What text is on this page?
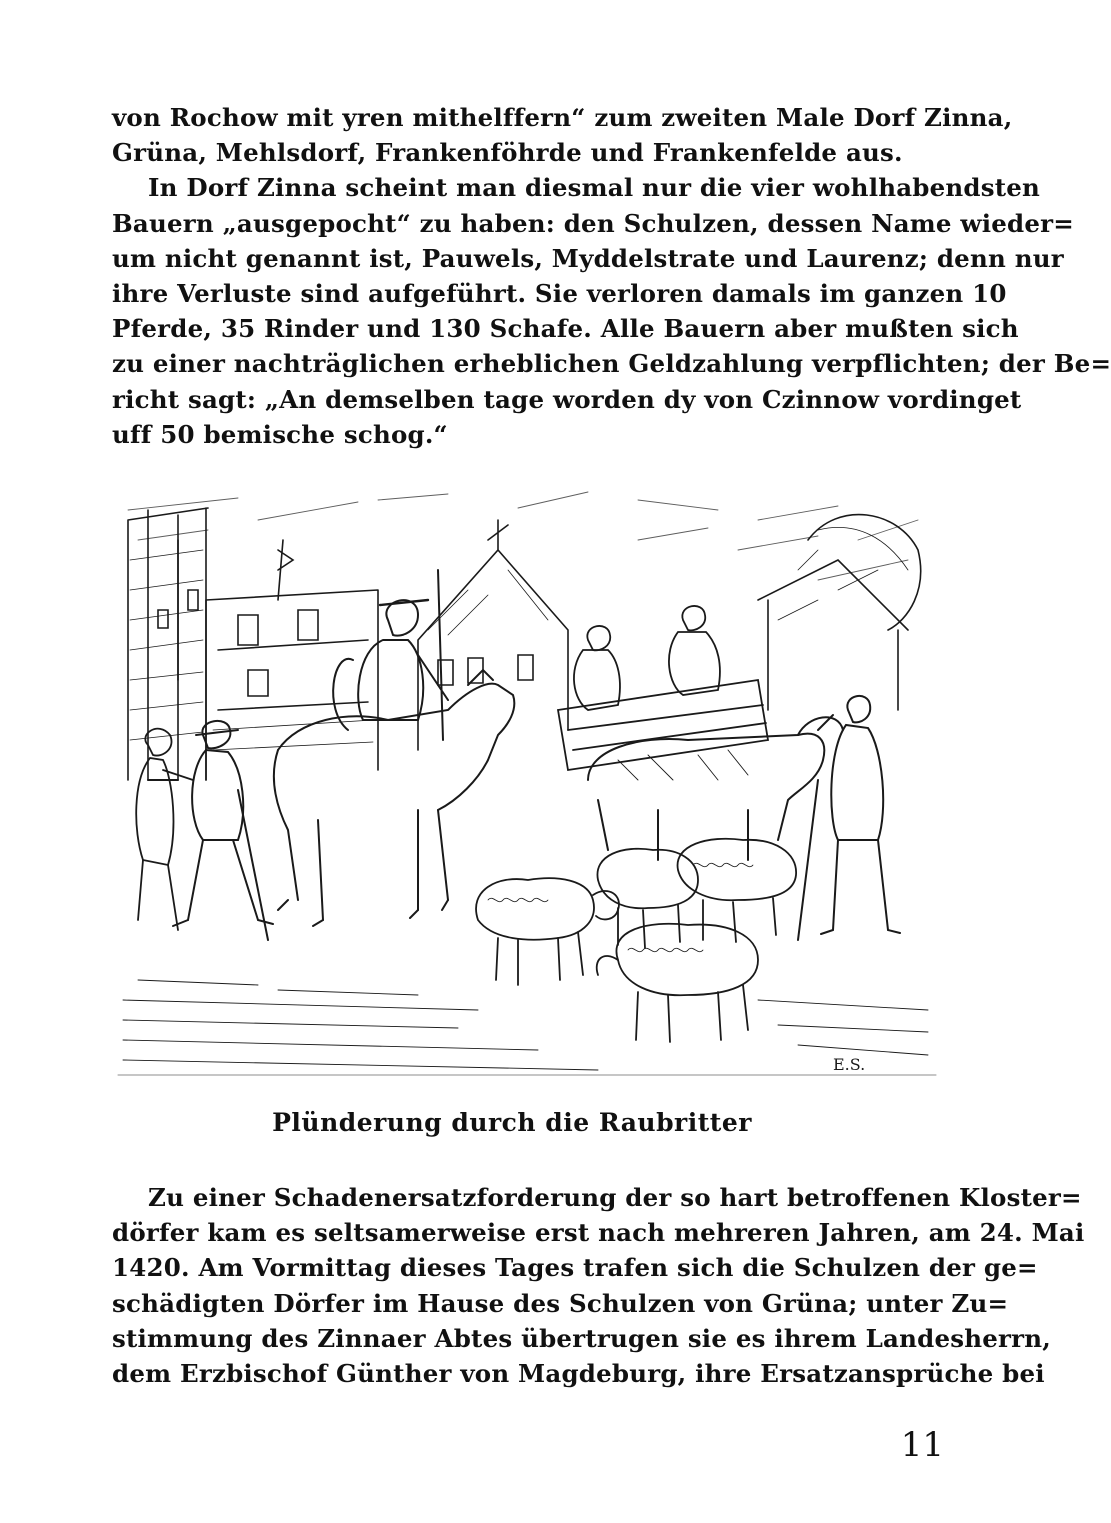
von Rochow mit yren mithelffern“ zum zweiten Male Dorf Zinna,
Grüna, Mehlsdorf, Frankenföhrde und Frankenfelde aus.
In Dorf Zinna scheint man diesmal nur die vier wohlhabendsten
Bauern „ausgepocht“ zu haben: den Schulzen, dessen Name wieder=
um nicht genannt ist, Pauwels, Myddelstrate und Laurenz; denn nur
ihre Verluste sind aufgeführt. Sie verloren damals im ganzen 10
Pferde, 35 Rinder und 130 Schafe. Alle Bauern aber mußten sich
zu einer nachträglichen erheblichen Geldzahlung verpflichten; der Be=
richt sagt: „An demselben tage worden dy von Czinnow vordinget
uff 50 bemische schog.“
E.S.
Plünderung durch die Raubritter
Zu einer Schadenersatzforderung der so hart betroffenen Kloster=
dörfer kam es seltsamerweise erst nach mehreren Jahren, am 24. Mai
1420. Am Vormittag dieses Tages trafen sich die Schulzen der ge=
schädigten Dörfer im Hause des Schulzen von Grüna; unter Zu=
stimmung des Zinnaer Abtes übertrugen sie es ihrem Landesherrn,
dem Erzbischof Günther von Magdeburg, ihre Ersatzansprüche bei
11
